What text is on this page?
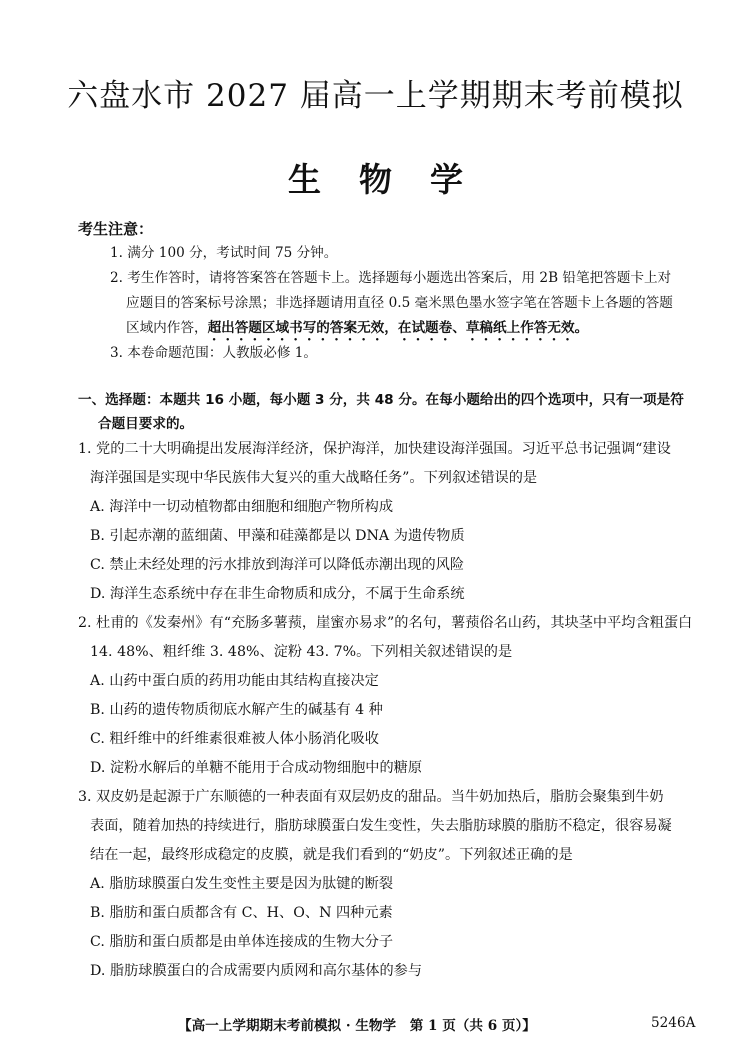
六盘水市 2027 届高一上学期期末考前模拟
生 物 学
考生注意：
1. 满分 100 分，考试时间 75 分钟。
2. 考生作答时，请将答案答在答题卡上。选择题每小题选出答案后，用 2B 铅笔把答题卡上对
应题目的答案标号涂黑；非选择题请用直径 0.5 毫米黑色墨水签字笔在答题卡上各题的答题
区域内作答，超出答题区域书写的答案无效，在试题卷、草稿纸上作答无效。
3. 本卷命题范围：人教版必修 1。
一、选择题：本题共 16 小题，每小题 3 分，共 48 分。在每小题给出的四个选项中，只有一项是符
合题目要求的。
1. 党的二十大明确提出发展海洋经济，保护海洋，加快建设海洋强国。习近平总书记强调“建设
海洋强国是实现中华民族伟大复兴的重大战略任务”。下列叙述错误的是
A. 海洋中一切动植物都由细胞和细胞产物所构成
B. 引起赤潮的蓝细菌、甲藻和硅藻都是以 DNA 为遗传物质
C. 禁止未经处理的污水排放到海洋可以降低赤潮出现的风险
D. 海洋生态系统中存在非生命物质和成分，不属于生命系统
2. 杜甫的《发秦州》有“充肠多薯蓣，崖蜜亦易求”的名句，薯蓣俗名山药，其块茎中平均含粗蛋白
14. 48%、粗纤维 3. 48%、淀粉 43. 7%。下列相关叙述错误的是
A. 山药中蛋白质的药用功能由其结构直接决定
B. 山药的遗传物质彻底水解产生的碱基有 4 种
C. 粗纤维中的纤维素很难被人体小肠消化吸收
D. 淀粉水解后的单糖不能用于合成动物细胞中的糖原
3. 双皮奶是起源于广东顺德的一种表面有双层奶皮的甜品。当牛奶加热后，脂肪会聚集到牛奶
表面，随着加热的持续进行，脂肪球膜蛋白发生变性，失去脂肪球膜的脂肪不稳定，很容易凝
结在一起，最终形成稳定的皮膜，就是我们看到的“奶皮”。下列叙述正确的是
A. 脂肪球膜蛋白发生变性主要是因为肽键的断裂
B. 脂肪和蛋白质都含有 C、H、O、N 四种元素
C. 脂肪和蛋白质都是由单体连接成的生物大分子
D. 脂肪球膜蛋白的合成需要内质网和高尔基体的参与
【高一上学期期末考前模拟 · 生物学　第 1 页（共 6 页）】	5246A
